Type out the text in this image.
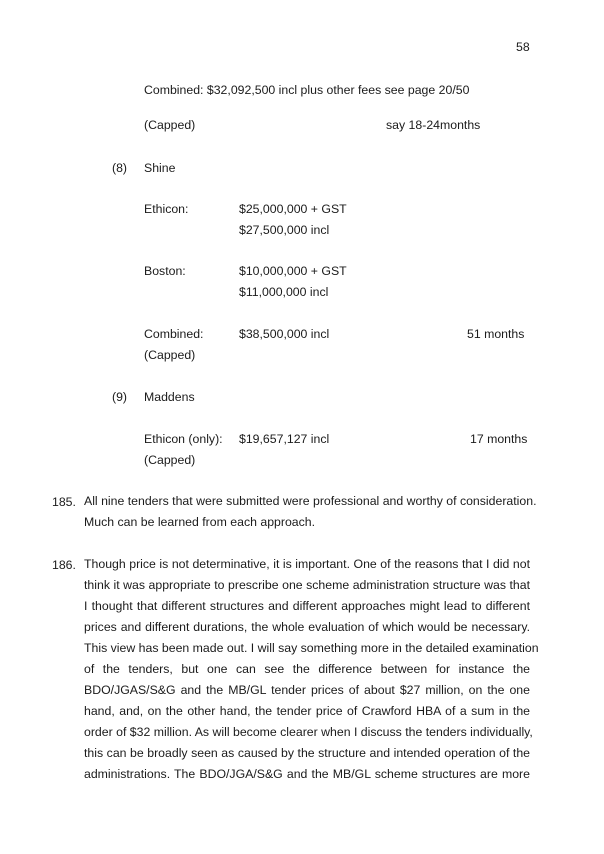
58
Combined: $32,092,500 incl plus other fees see page 20/50
(Capped)	say 18-24months
(8) Shine
Ethicon:	$25,000,000 + GST
$27,500,000 incl
Boston:	$10,000,000 + GST
$11,000,000 incl
Combined:	$38,500,000 incl	51 months
(Capped)
(9) Maddens
Ethicon (only): $19,657,127 incl	17 months
(Capped)
185. All nine tenders that were submitted were professional and worthy of consideration.
Much can be learned from each approach.
186. Though price is not determinative, it is important. One of the reasons that I did not
think it was appropriate to prescribe one scheme administration structure was that
I thought that different structures and different approaches might lead to different
prices and different durations, the whole evaluation of which would be necessary.
This view has been made out. I will say something more in the detailed examination
of the tenders, but one can see the difference between for instance the
BDO/JGAS/S&G and the MB/GL tender prices of about $27 million, on the one
hand, and, on the other hand, the tender price of Crawford HBA of a sum in the
order of $32 million. As will become clearer when I discuss the tenders individually,
this can be broadly seen as caused by the structure and intended operation of the
administrations. The BDO/JGA/S&G and the MB/GL scheme structures are more
